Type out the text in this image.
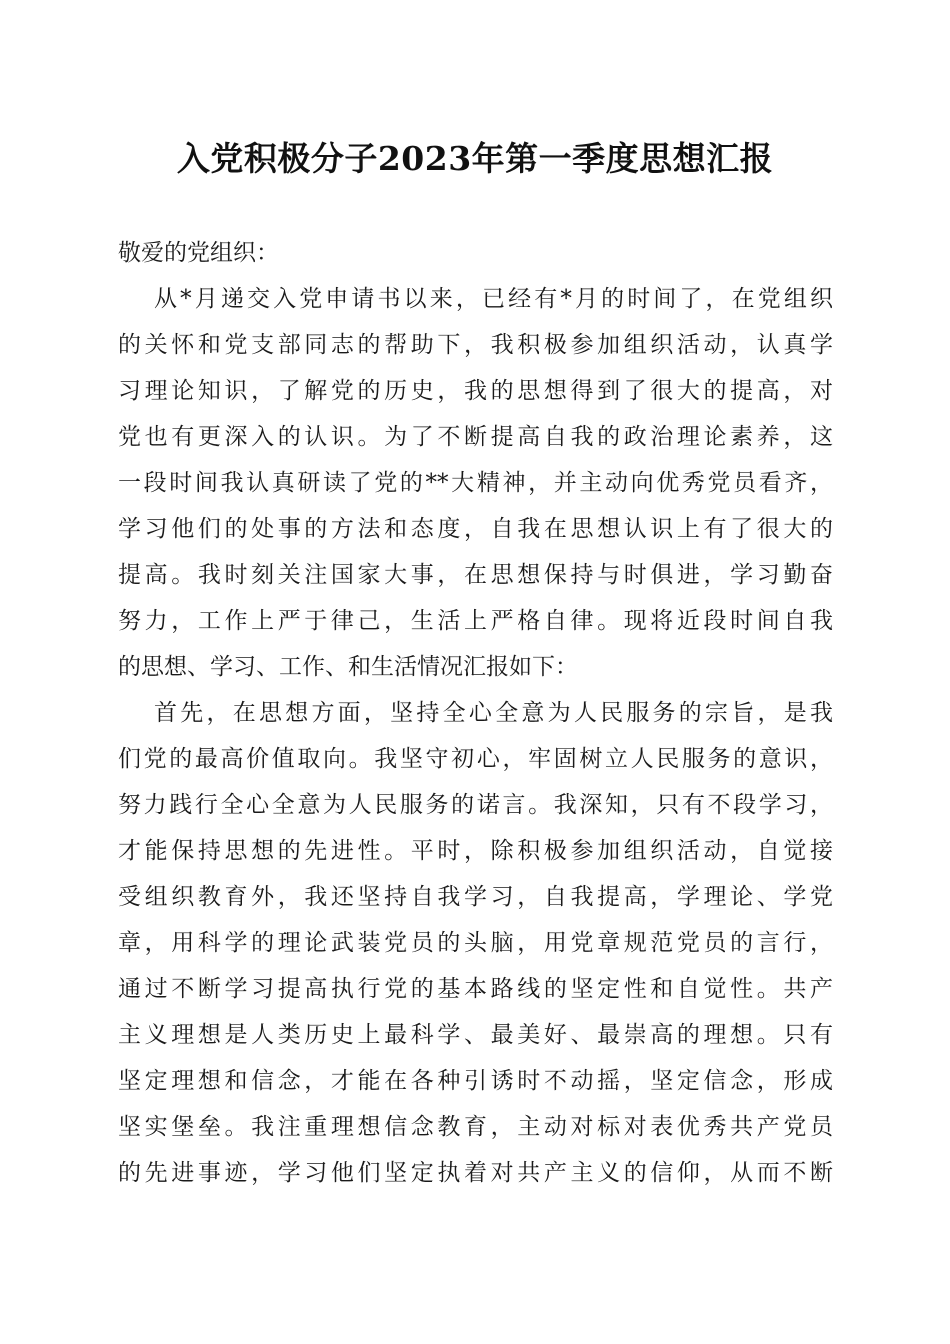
入党积极分子2023年第一季度思想汇报
敬爱的党组织：
从*月递交入党申请书以来，已经有*月的时间了，在党组织
的关怀和党支部同志的帮助下，我积极参加组织活动，认真学
习理论知识，了解党的历史，我的思想得到了很大的提高，对
党也有更深入的认识。为了不断提高自我的政治理论素养，这
一段时间我认真研读了党的**大精神，并主动向优秀党员看齐，
学习他们的处事的方法和态度，自我在思想认识上有了很大的
提高。我时刻关注国家大事，在思想保持与时俱进，学习勤奋
努力，工作上严于律己，生活上严格自律。现将近段时间自我
的思想、学习、工作、和生活情况汇报如下：
首先，在思想方面，坚持全心全意为人民服务的宗旨，是我
们党的最高价值取向。我坚守初心，牢固树立人民服务的意识，
努力践行全心全意为人民服务的诺言。我深知，只有不段学习，
才能保持思想的先进性。平时，除积极参加组织活动，自觉接
受组织教育外，我还坚持自我学习，自我提高，学理论、学党
章，用科学的理论武装党员的头脑，用党章规范党员的言行，
通过不断学习提高执行党的基本路线的坚定性和自觉性。共产
主义理想是人类历史上最科学、最美好、最崇高的理想。只有
坚定理想和信念，才能在各种引诱时不动摇，坚定信念，形成
坚实堡垒。我注重理想信念教育，主动对标对表优秀共产党员
的先进事迹，学习他们坚定执着对共产主义的信仰，从而不断
